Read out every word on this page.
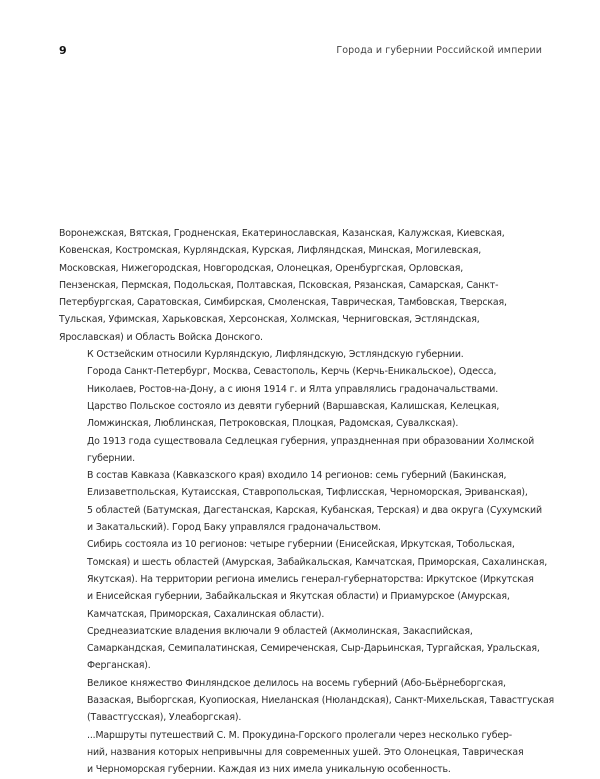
9	Города и губернии Российской империи

Воронежская, Вятская, Гродненская, Екатеринославская, Казанская, Калужская, Киевская,
Ковенская, Костромская, Курляндская, Курская, Лифляндская, Минская, Могилевская,
Московская, Нижегородская, Новгородская, Олонецкая, Оренбургская, Орловская,
Пензенская, Пермская, Подольская, Полтавская, Псковская, Рязанская, Самарская, Санкт-
Петербургская, Саратовская, Симбирская, Смоленская, Таврическая, Тамбовская, Тверская,
Тульская, Уфимская, Харьковская, Херсонская, Холмская, Черниговская, Эстляндская,
Ярославская) и Область Войска Донского.

К Остзейским относили Курляндскую, Лифляндскую, Эстляндскую губернии.

Города Санкт-Петербург, Москва, Севастополь, Керчь (Керчь-Еникальское), Одесса,
Николаев, Ростов-на-Дону, а с июня 1914 г. и Ялта управлялись градоначальствами.

Царство Польское состояло из девяти губерний (Варшавская, Калишская, Келецкая,
Ломжинская, Люблинская, Петроковская, Плоцкая, Радомская, Сувалкская).

До 1913 года существовала Седлецкая губерния, упраздненная при образовании Холмской
губернии.

В состав Кавказа (Кавказского края) входило 14 регионов: семь губерний (Бакинская,
Елизаветпольская, Кутаисская, Ставропольская, Тифлисская, Черноморская, Эриванская),
5 областей (Батумская, Дагестанская, Карская, Кубанская, Терская) и два округа (Сухумский
и Закатальский). Город Баку управлялся градоначальством.

Сибирь состояла из 10 регионов: четыре губернии (Енисейская, Иркутская, Тобольская,
Томская) и шесть областей (Амурская, Забайкальская, Камчатская, Приморская, Сахалинская,
Якутская). На территории региона имелись генерал-губернаторства: Иркутское (Иркутская
и Енисейская губернии, Забайкальская и Якутская области) и Приамурское (Амурская,
Камчатская, Приморская, Сахалинская области).

Среднеазиатские владения включали 9 областей (Акмолинская, Закаспийская,
Самаркандская, Семипалатинская, Семиреченская, Сыр-Дарьинская, Тургайская, Уральская,
Ферганская).

Великое княжество Финляндское делилось на восемь губерний (Або-Бьёрнеборгская,
Вазаская, Выборгская, Куопиоская, Ниеланская (Нюландская), Санкт-Михельская, Тавастгуская
(Тавастгусская), Улеаборгская).

...Маршруты путешествий С. М. Прокудина-Горского пролегали через несколько губер-
ний, названия которых непривычны для современных ушей. Это Олонецкая, Таврическая
и Черноморская губернии. Каждая из них имела уникальную особенность.
